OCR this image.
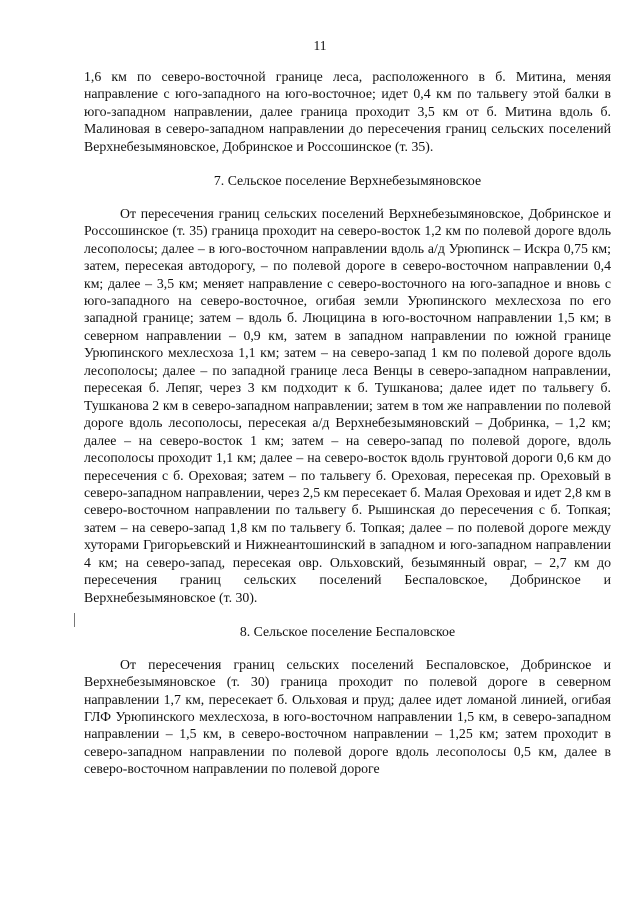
11

1,6 км по северо-восточной границе леса, расположенного в б. Митина, меняя направление с юго-западного на юго-восточное; идет 0,4 км по тальвегу этой балки в юго-западном направлении, далее граница проходит 3,5 км от б. Митина вдоль б. Малиновая в северо-западном направлении до пересечения границ сельских поселений Верхнебезымяновское, Добринское и Россошинское (т. 35).

7. Сельское поселение Верхнебезымяновское

От пересечения границ сельских поселений Верхнебезымяновское, Добринское и Россошинское (т. 35) граница проходит на северо-восток 1,2 км по полевой дороге вдоль лесополосы; далее – в юго-восточном направлении вдоль а/д Урюпинск – Искра 0,75 км; затем, пересекая автодорогу, – по полевой дороге в северо-восточном направлении 0,4 км; далее – 3,5 км; меняет направление с северо-восточного на юго-западное и вновь с юго-западного на северо-восточное, огибая земли Урюпинского мехлесхоза по его западной границе; затем – вдоль б. Люцицина в юго-восточном направлении 1,5 км; в северном направлении – 0,9 км, затем в западном направлении по южной границе Урюпинского мехлесхоза 1,1 км; затем – на северо-запад 1 км по полевой дороге вдоль лесополосы; далее – по западной границе леса Венцы в северо-западном направлении, пересекая б. Лепяг, через 3 км подходит к б. Тушканова; далее идет по тальвегу б. Тушканова 2 км в северо-западном направлении; затем в том же направлении по полевой дороге вдоль лесополосы, пересекая а/д Верхнебезымяновский – Добринка, – 1,2 км; далее – на северо-восток 1 км; затем – на северо-запад по полевой дороге, вдоль лесополосы проходит 1,1 км; далее – на северо-восток вдоль грунтовой дороги 0,6 км до пересечения с б. Ореховая; затем – по тальвегу б. Ореховая, пересекая пр. Ореховый в северо-западном направлении, через 2,5 км пересекает б. Малая Ореховая и идет 2,8 км в северо-восточном направлении по тальвегу б. Рышинская до пересечения с б. Топкая; затем – на северо-запад 1,8 км по тальвегу б. Топкая; далее – по полевой дороге между хуторами Григорьевский и Нижнеантошинский в западном и юго-западном направлении 4 км; на северо-запад, пересекая овр. Ольховский, безымянный овраг, – 2,7 км до пересечения границ сельских поселений Беспаловское, Добринское и Верхнебезымяновское (т. 30).

8. Сельское поселение Беспаловское

От пересечения границ сельских поселений Беспаловское, Добринское и Верхнебезымяновское (т. 30) граница проходит по полевой дороге в северном направлении 1,7 км, пересекает б. Ольховая и пруд; далее идет ломаной линией, огибая ГЛФ Урюпинского мехлесхоза, в юго-восточном направлении 1,5 км, в северо-западном направлении – 1,5 км, в северо-восточном направлении – 1,25 км; затем проходит в северо-западном направлении по полевой дороге вдоль лесополосы 0,5 км, далее в северо-восточном направлении по полевой дороге
